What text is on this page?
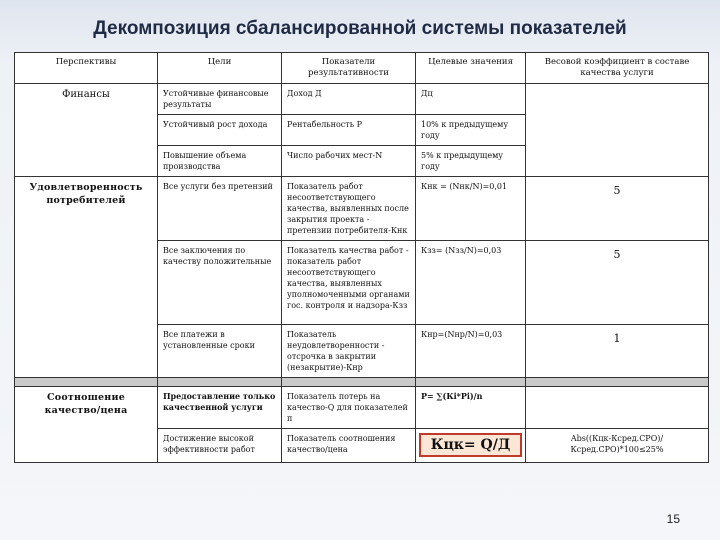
Декомпозиция сбалансированной системы показателей
Перспективы	Цели	Показатели результативности	Целевые значения	Весовой коэффициент в составе качества услуги
Финансы	Устойчивые финансовые результаты	Доход Д	Дц	
	Устойчивый рост дохода	Рентабельность Р	10% к предыдущему году	
	Повышение объема производства	Число рабочих мест-N	5% к предыдущему году	
Удовлетворенность потребителей	Все услуги без претензий	Показатель работ несоответствующего качества, выявленных после закрытия проекта - претензии потребителя-Кнк	Кнк = (Nнк/N)=0,01	5
	Все заключения по качеству положительные	Показатель качества работ - показатель работ несоответствующего качества, выявленных уполномоченными органами гос. контроля и надзора-Кзз	Кзз= (Nзз/N)=0,03	5
	Все платежи в установленные сроки	Показатель неудовлетворенности - отсрочка в закрытии (незакрытие)-Кнр	Кнр=(Nнр/N)=0,03	1

Соотношение качество/цена	Предоставление только качественной услуги	Показатель потерь на качество-Q для показателей п	Р= ∑(Кi*Рi)/n	
	Достижение высокой эффективности работ	Показатель соотношения качество/цена	Кцк= Q/Д	Abs((Кцк-Кcред.СРО)/ Кcред.СРО)*100≤25%
15
